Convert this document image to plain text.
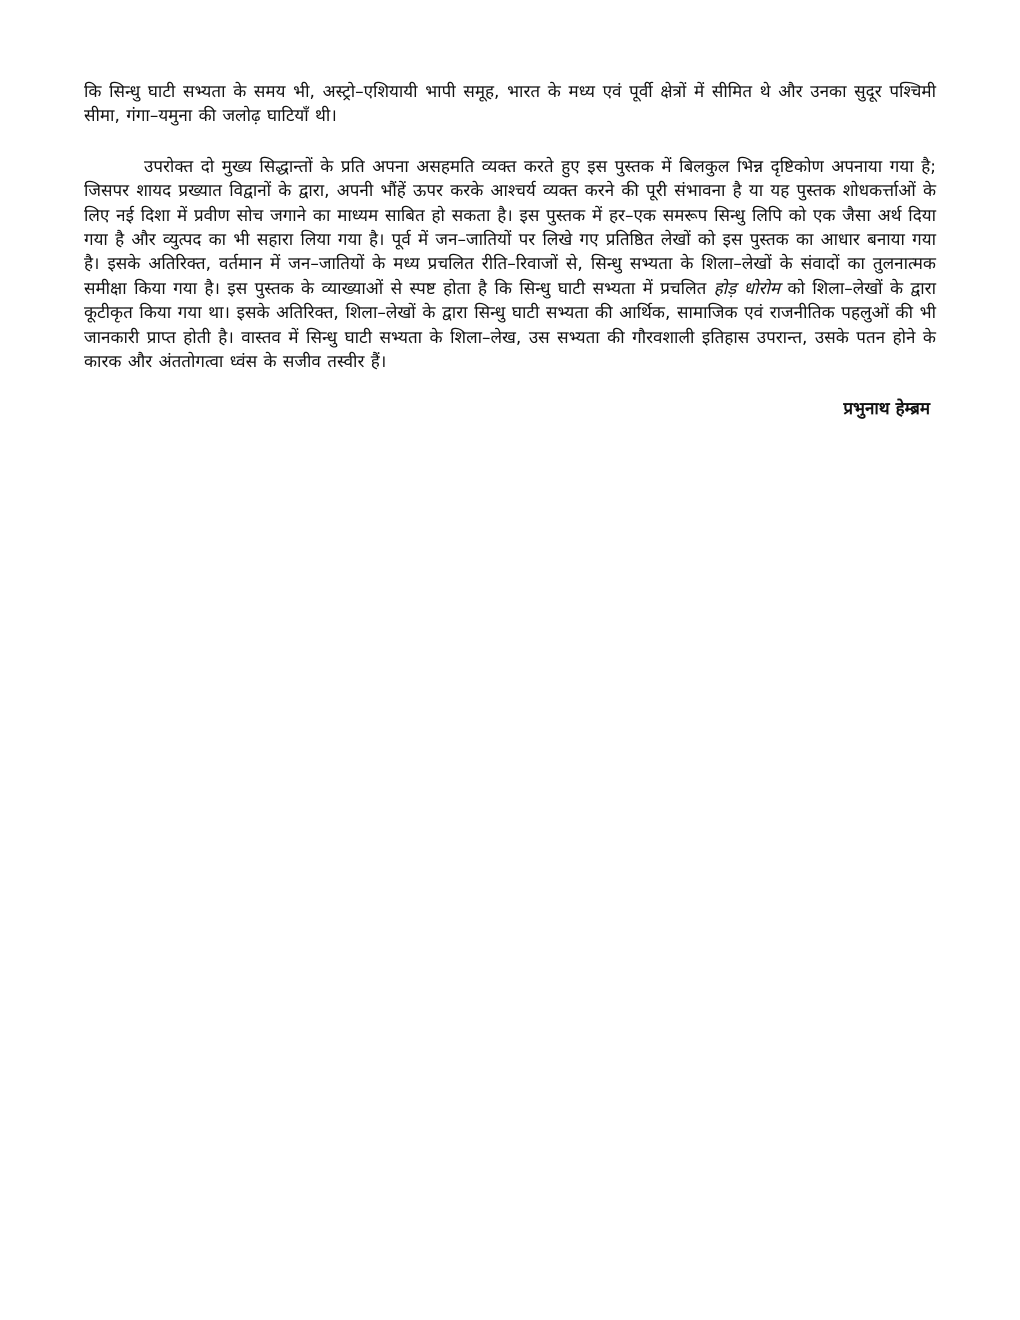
कि सिन्धु घाटी सभ्यता के समय भी, अस्ट्रो–एशियायी भापी समूह, भारत के मध्य एवं पूर्वी क्षेत्रों में सीमित थे और उनका सुदूर पश्चिमी सीमा, गंगा–यमुना की जलोढ़ घाटियाँ थी।

उपरोक्त दो मुख्य सिद्धान्तों के प्रति अपना असहमति व्यक्त करते हुए इस पुस्तक में बिलकुल भिन्न दृष्टिकोण अपनाया गया है; जिसपर शायद प्रख्यात विद्वानों के द्वारा, अपनी भौंहें ऊपर करके आश्चर्य व्यक्त करने की पूरी संभावना है या यह पुस्तक शोधकर्त्ताओं के लिए नई दिशा में प्रवीण सोच जगाने का माध्यम साबित हो सकता है। इस पुस्तक में हर–एक समरूप सिन्धु लिपि को एक जैसा अर्थ दिया गया है और व्युत्पद का भी सहारा लिया गया है। पूर्व में जन–जातियों पर लिखे गए प्रतिष्ठित लेखों को इस पुस्तक का आधार बनाया गया है। इसके अतिरिक्त, वर्तमान में जन–जातियों के मध्य प्रचलित रीति–रिवाजों से, सिन्धु सभ्यता के शिला–लेखों के संवादों का तुलनात्मक समीक्षा किया गया है। इस पुस्तक के व्याख्याओं से स्पष्ट होता है कि सिन्धु घाटी सभ्यता में प्रचलित होड़ धोरोम को शिला–लेखों के द्वारा कूटीकृत किया गया था। इसके अतिरिक्त, शिला–लेखों के द्वारा सिन्धु घाटी सभ्यता की आर्थिक, सामाजिक एवं राजनीतिक पहलुओं की भी जानकारी प्राप्त होती है। वास्तव में सिन्धु घाटी सभ्यता के शिला–लेख, उस सभ्यता की गौरवशाली इतिहास उपरान्त, उसके पतन होने के कारक और अंततोगत्वा ध्वंस के सजीव तस्वीर हैं।

प्रभुनाथ हेम्ब्रम
